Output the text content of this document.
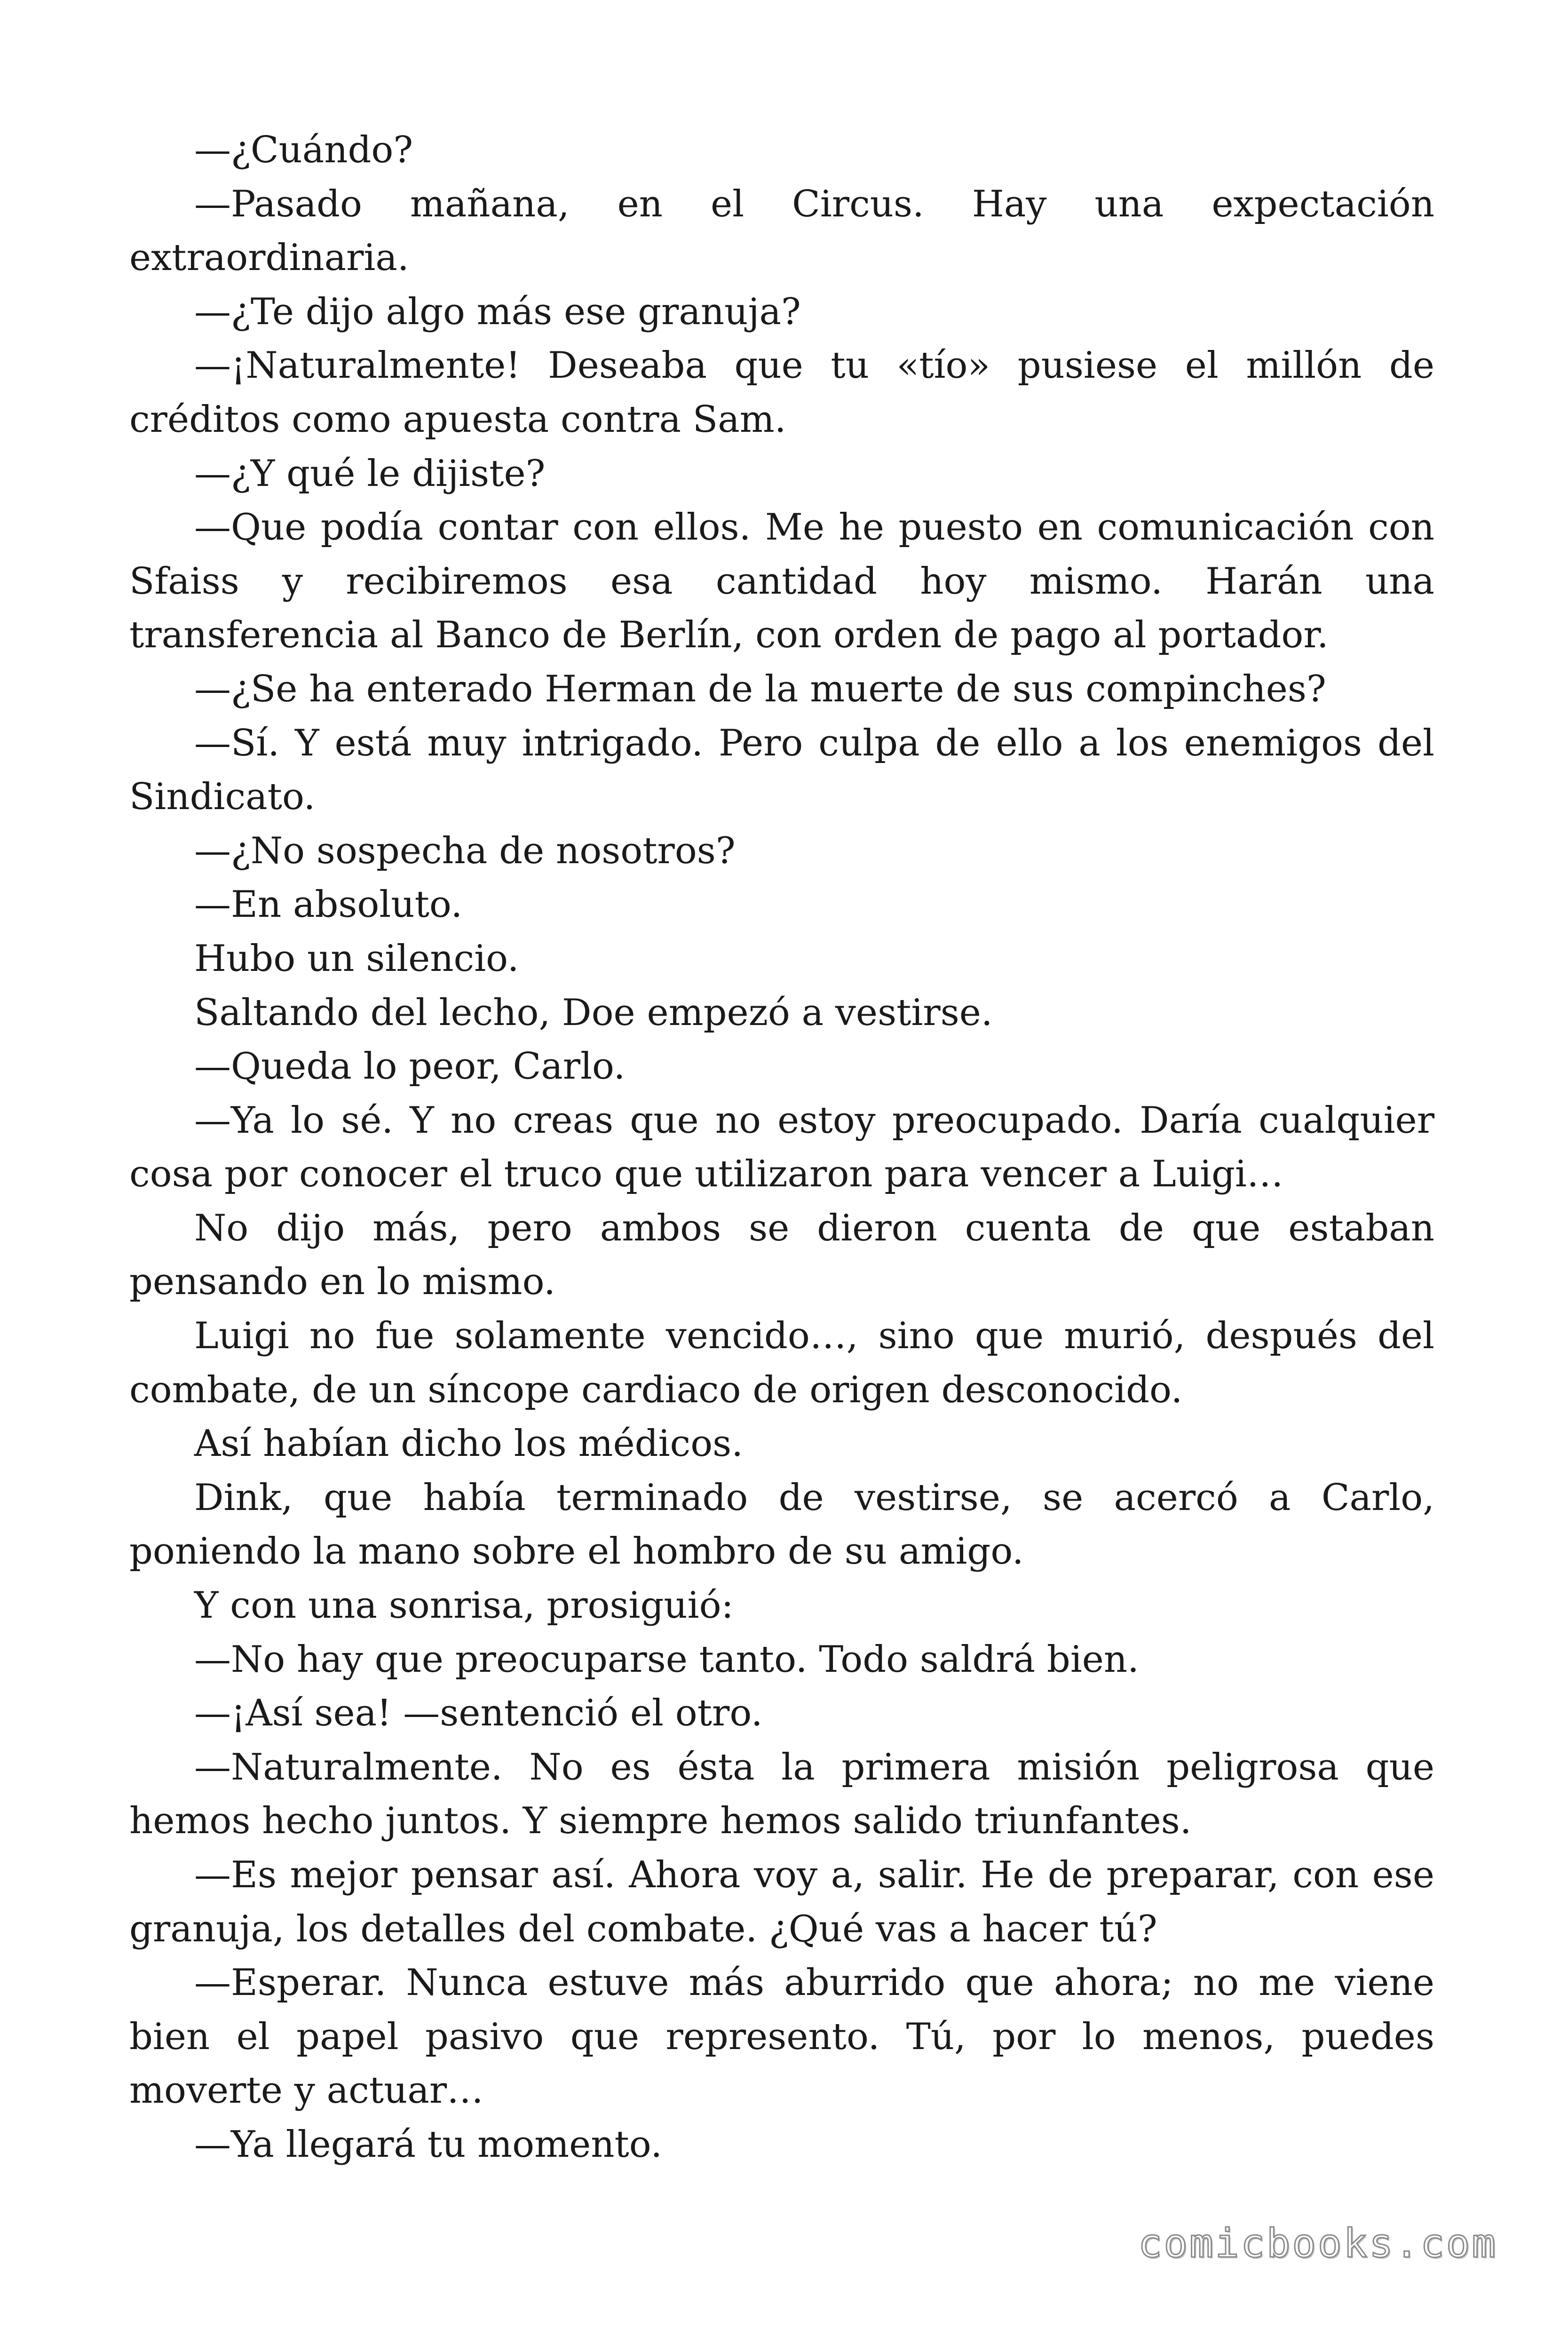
—¿Cuándo?

—Pasado mañana, en el Circus. Hay una expectación extraordinaria.

—¿Te dijo algo más ese granuja?

—¡Naturalmente! Deseaba que tu «tío» pusiese el millón de créditos como apuesta contra Sam.

—¿Y qué le dijiste?

—Que podía contar con ellos. Me he puesto en comunicación con Sfaiss y recibiremos esa cantidad hoy mismo. Harán una transferencia al Banco de Berlín, con orden de pago al portador.

—¿Se ha enterado Herman de la muerte de sus compinches?

—Sí. Y está muy intrigado. Pero culpa de ello a los enemigos del Sindicato.

—¿No sospecha de nosotros?

—En absoluto.

Hubo un silencio.

Saltando del lecho, Doe empezó a vestirse.

—Queda lo peor, Carlo.

—Ya lo sé. Y no creas que no estoy preocupado. Daría cualquier cosa por conocer el truco que utilizaron para vencer a Luigi…

No dijo más, pero ambos se dieron cuenta de que estaban pensando en lo mismo.

Luigi no fue solamente vencido…, sino que murió, después del combate, de un síncope cardiaco de origen desconocido.

Así habían dicho los médicos.

Dink, que había terminado de vestirse, se acercó a Carlo, poniendo la mano sobre el hombro de su amigo.

Y con una sonrisa, prosiguió:

—No hay que preocuparse tanto. Todo saldrá bien.

—¡Así sea! —sentenció el otro.

—Naturalmente. No es ésta la primera misión peligrosa que hemos hecho juntos. Y siempre hemos salido triunfantes.

—Es mejor pensar así. Ahora voy a, salir. He de preparar, con ese granuja, los detalles del combate. ¿Qué vas a hacer tú?

—Esperar. Nunca estuve más aburrido que ahora; no me viene bien el papel pasivo que represento. Tú, por lo menos, puedes moverte y actuar…

—Ya llegará tu momento.

comicbooks.com
